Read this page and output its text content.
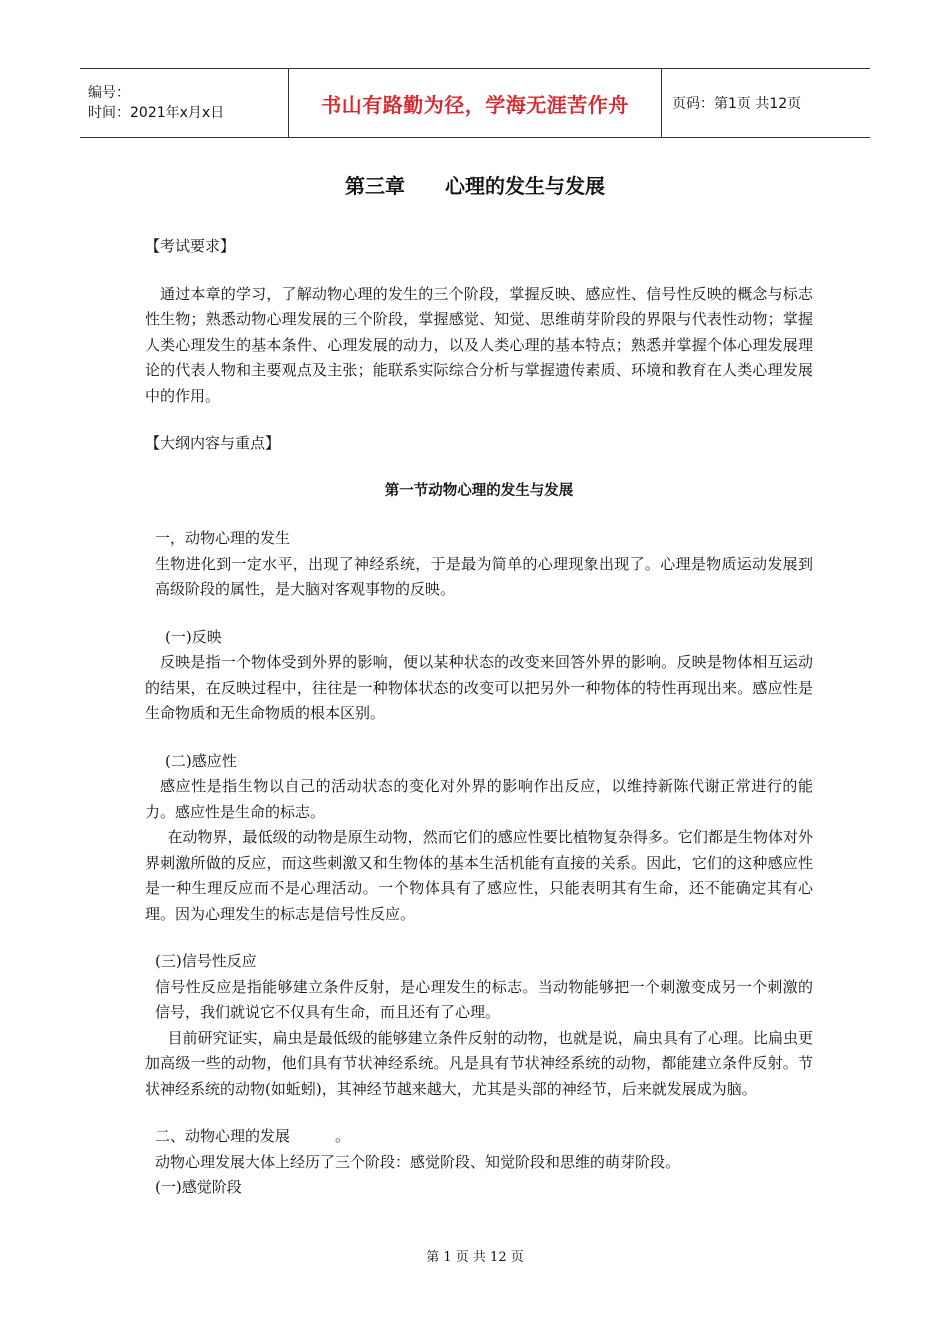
编号：
时间：2021年x月x日	书山有路勤为径，学海无涯苦作舟	页码：第1页 共12页
第三章 心理的发生与发展

【考试要求】

通过本章的学习，了解动物心理的发生的三个阶段，掌握反映、感应性、信号性反映的概念与标志性生物；熟悉动物心理发展的三个阶段，掌握感觉、知觉、思维萌芽阶段的界限与代表性动物；掌握人类心理发生的基本条件、心理发展的动力，以及人类心理的基本特点；熟悉并掌握个体心理发展理论的代表人物和主要观点及主张；能联系实际综合分析与掌握遗传素质、环境和教育在人类心理发展中的作用。

【大纲内容与重点】

第一节动物心理的发生与发展

一，动物心理的发生

生物进化到一定水平，出现了神经系统，于是最为简单的心理现象出现了。心理是物质运动发展到高级阶段的属性，是大脑对客观事物的反映。

(一)反映

反映是指一个物体受到外界的影响，便以某种状态的改变来回答外界的影响。反映是物体相互运动的结果，在反映过程中，往往是一种物体状态的改变可以把另外一种物体的特性再现出来。感应性是生命物质和无生命物质的根本区别。

(二)感应性

感应性是指生物以自己的活动状态的变化对外界的影响作出反应，以维持新陈代谢正常进行的能力。感应性是生命的标志。

在动物界，最低级的动物是原生动物，然而它们的感应性要比植物复杂得多。它们都是生物体对外界刺激所做的反应，而这些刺激又和生物体的基本生活机能有直接的关系。因此，它们的这种感应性是一种生理反应而不是心理活动。一个物体具有了感应性，只能表明其有生命，还不能确定其有心理。因为心理发生的标志是信号性反应。

(三)信号性反应

信号性反应是指能够建立条件反射，是心理发生的标志。当动物能够把一个刺激变成另一个刺激的信号，我们就说它不仅具有生命，而且还有了心理。

目前研究证实，扁虫是最低级的能够建立条件反射的动物，也就是说，扁虫具有了心理。比扁虫更加高级一些的动物，他们具有节状神经系统。凡是具有节状神经系统的动物，都能建立条件反射。节状神经系统的动物(如蚯蚓)，其神经节越来越大，尤其是头部的神经节，后来就发展成为脑。

二、动物心理的发展　　　。

动物心理发展大体上经历了三个阶段：感觉阶段、知觉阶段和思维的萌芽阶段。

(一)感觉阶段

第 1 页 共 12 页
